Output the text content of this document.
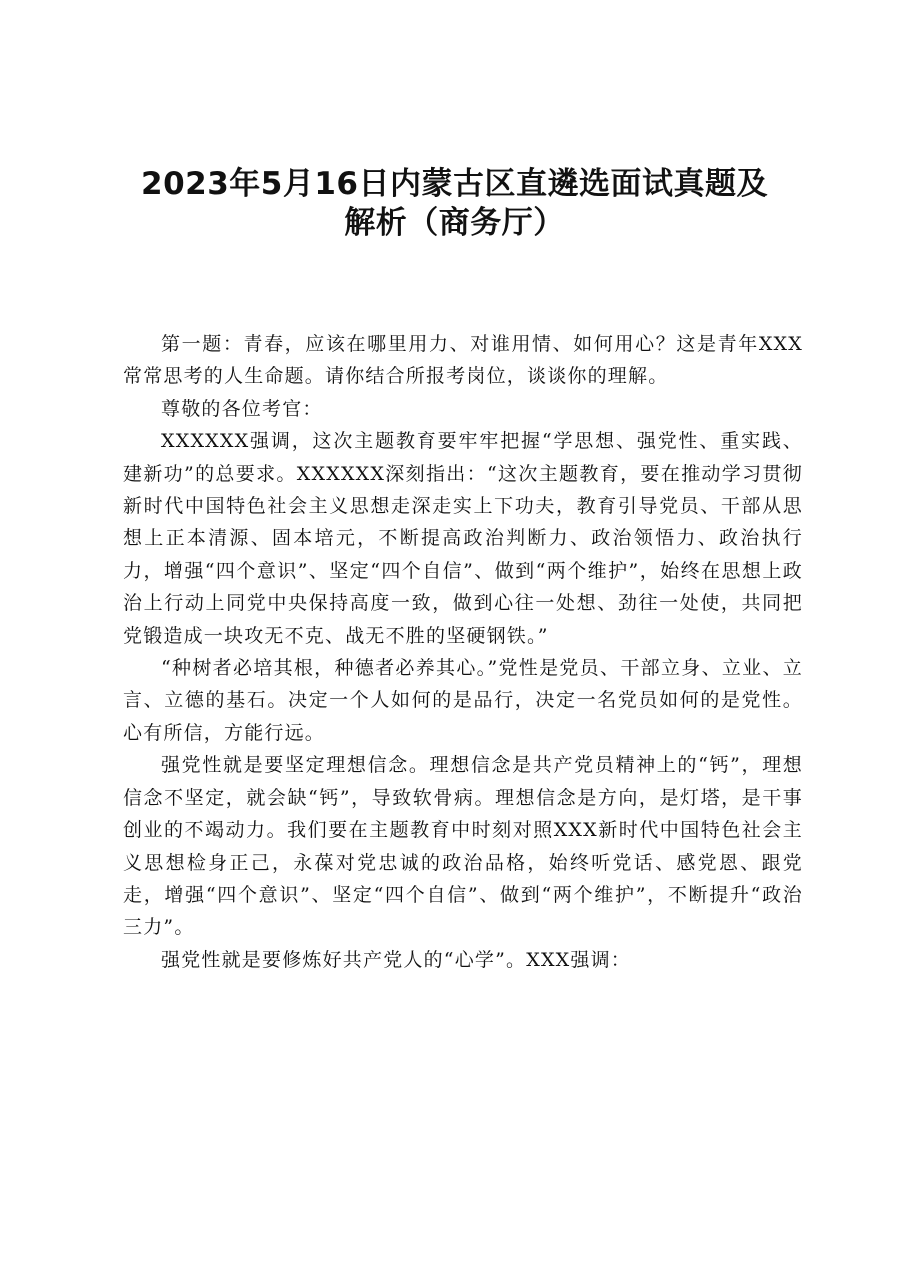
2023年5月16日内蒙古区直遴选面试真题及
解析（商务厅）

第一题：青春，应该在哪里用力、对谁用情、如何用心？这是青年XXX常常思考的人生命题。请你结合所报考岗位，谈谈你的理解。

尊敬的各位考官：

XXXXXX强调，这次主题教育要牢牢把握“学思想、强党性、重实践、建新功”的总要求。XXXXXX深刻指出：“这次主题教育，要在推动学习贯彻新时代中国特色社会主义思想走深走实上下功夫，教育引导党员、干部从思想上正本清源、固本培元，不断提高政治判断力、政治领悟力、政治执行力，增强“四个意识”、坚定“四个自信”、做到“两个维护”，始终在思想上政治上行动上同党中央保持高度一致，做到心往一处想、劲往一处使，共同把党锻造成一块攻无不克、战无不胜的坚硬钢铁。”

“种树者必培其根，种德者必养其心。”党性是党员、干部立身、立业、立言、立德的基石。决定一个人如何的是品行，决定一名党员如何的是党性。心有所信，方能行远。

强党性就是要坚定理想信念。理想信念是共产党员精神上的“钙”，理想信念不坚定，就会缺“钙”，导致软骨病。理想信念是方向，是灯塔，是干事创业的不竭动力。我们要在主题教育中时刻对照XXX新时代中国特色社会主义思想检身正己，永葆对党忠诚的政治品格，始终听党话、感党恩、跟党走，增强“四个意识”、坚定“四个自信”、做到“两个维护”，不断提升“政治三力”。

强党性就是要修炼好共产党人的“心学”。XXX强调：
